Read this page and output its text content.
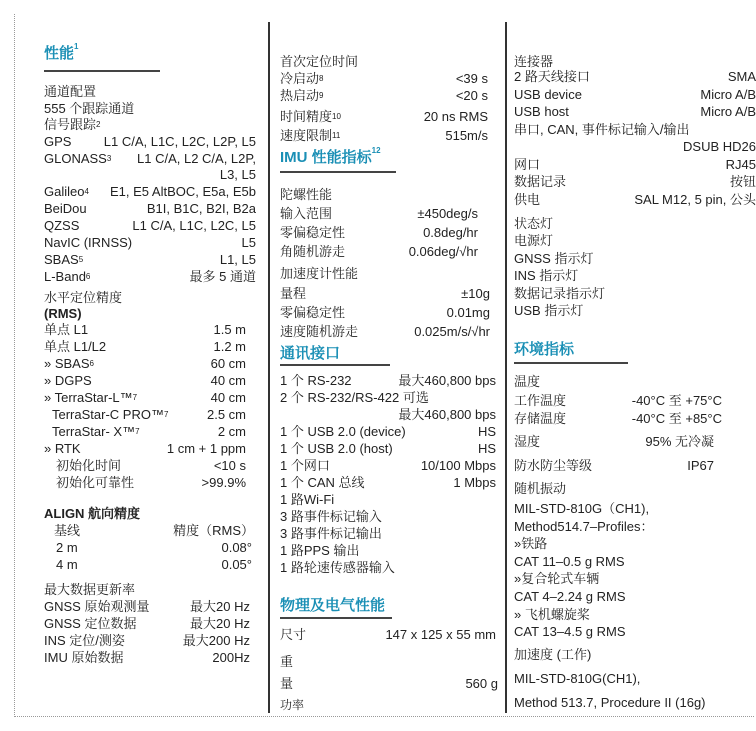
性能$^1$
通道配置
555 个跟踪通道
信号跟踪$^2$
GPS L1 C/A, L1C, L2C, L2P, L5
GLONASS$^3$	L1 C/A, L2 C/A, L2P,
L3, L5
Galileo$^4$	E1, E5 AltBOC, E5a, E5b
BeiDou	B1I, B1C, B2I, B2a
QZSS	L1 C/A, L1C, L2C, L5
NavIC (IRNSS)	L5
SBAS$^5$	L1, L5
L-Band$^6$	最多 5 通道
水平定位精度
(RMS)
单点 L1	1.5 m
单点 L1/L2	1.2 m
» SBAS$^6$	60 cm
» DGPS	40 cm
» TerraStar-L™$^7$	40 cm
TerraStar-C PRO™$^7$	2.5 cm
TerraStar- X™$^7$	2 cm
» RTK	1 cm + 1 ppm
初始化时间	<10 s
初始化可靠性	>99.9%
ALIGN 航向精度
基线	精度（RMS）
2 m	0.08°
4 m	0.05°
最大数据更新率
GNSS 原始观测量	最大20 Hz
GNSS 定位数据	最大20 Hz
INS 定位/测姿	最大200 Hz
IMU 原始数据	200Hz
首次定位时间
冷启动$^8$	<39 s
热启动$^9$	<20 s
时间精度$^{10}$	20 ns RMS
速度限制$^{11}$	515m/s
IMU 性能指标$^{12}$
陀螺性能
输入范围	±450deg/s
零偏稳定性	0.8deg/hr
角随机游走	0.06deg/√hr
加速度计性能
量程	±10g
零偏稳定性	0.01mg
速度随机游走	0.025m/s/√hr
通讯接口
1 个 RS-232	最大460,800 bps
2 个 RS-232/RS-422 可选
最大460,800 bps
1 个 USB 2.0 (device)	HS
1 个 USB 2.0 (host)	HS
1 个网口	10/100 Mbps
1 个 CAN 总线	1 Mbps
1 路Wi-Fi
3 路事件标记输入
3 路事件标记输出
1 路PPS 输出
1 路轮速传感器输入
物理及电气性能
尺寸	147 x 125 x 55 mm
重
量	560 g
功率
连接器
2 路天线接口	SMA
USB device	Micro A/B
USB host	Micro A/B
串口, CAN, 事件标记输入/输出
DSUB HD26
网口	RJ45
数据记录	按钮
供电	SAL M12, 5 pin, 公头
状态灯
电源灯
GNSS 指示灯
INS 指示灯
数据记录指示灯
USB 指示灯
环境指标
温度
工作温度	-40°C 至 +75°C
存储温度	-40°C 至 +85°C
湿度	95% 无冷凝
防水防尘等级	IP67
随机振动
MIL-STD-810G（CH1),
Method514.7–Profiles：
»铁路
CAT 11–0.5 g RMS
»复合轮式车辆
CAT 4–2.24 g RMS
» 飞机螺旋桨
CAT 13–4.5 g RMS
加速度 (工作)
MIL-STD-810G(CH1),
Method 513.7, Procedure II (16g)
